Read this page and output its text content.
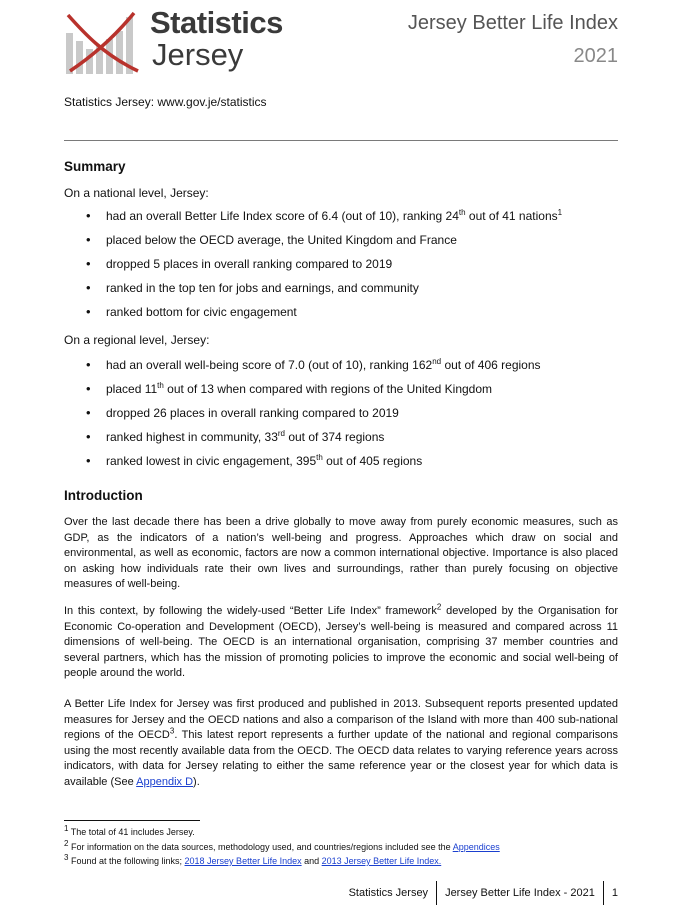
Statistics
Jersey
Jersey Better Life Index
2021
Statistics Jersey: www.gov.je/statistics
Summary
On a national level, Jersey:
• had an overall Better Life Index score of 6.4 (out of 10), ranking 24th out of 41 nations$^1$
• placed below the OECD average, the United Kingdom and France
• dropped 5 places in overall ranking compared to 2019
• ranked in the top ten for jobs and earnings, and community
• ranked bottom for civic engagement
On a regional level, Jersey:
• had an overall well-being score of 7.0 (out of 10), ranking 162nd out of 406 regions
• placed 11th out of 13 when compared with regions of the United Kingdom
• dropped 26 places in overall ranking compared to 2019
• ranked highest in community, 33rd out of 374 regions
• ranked lowest in civic engagement, 395th out of 405 regions
Introduction
Over the last decade there has been a drive globally to move away from purely economic measures, such as GDP, as the indicators of a nation’s well-being and progress. Approaches which draw on social and environmental, as well as economic, factors are now a common international objective. Importance is also placed on asking how individuals rate their own lives and surroundings, rather than purely focusing on objective measures of well-being.
In this context, by following the widely-used “Better Life Index” framework$^2$ developed by the Organisation for Economic Co-operation and Development (OECD), Jersey’s well-being is measured and compared across 11 dimensions of well-being. The OECD is an international organisation, comprising 37 member countries and several partners, which has the mission of promoting policies to improve the economic and social well-being of people around the world.
A Better Life Index for Jersey was first produced and published in 2013. Subsequent reports presented updated measures for Jersey and the OECD nations and also a comparison of the Island with more than 400 sub-national regions of the OECD$^3$. This latest report represents a further update of the national and regional comparisons using the most recently available data from the OECD. The OECD data relates to varying reference years across indicators, with data for Jersey relating to either the same reference year or the closest year for which data is available (See Appendix D).
$^1$ The total of 41 includes Jersey.
$^2$ For information on the data sources, methodology used, and countries/regions included see the Appendices
$^3$ Found at the following links; 2018 Jersey Better Life Index and 2013 Jersey Better Life Index.
Statistics Jersey Jersey Better Life Index - 2021 1
